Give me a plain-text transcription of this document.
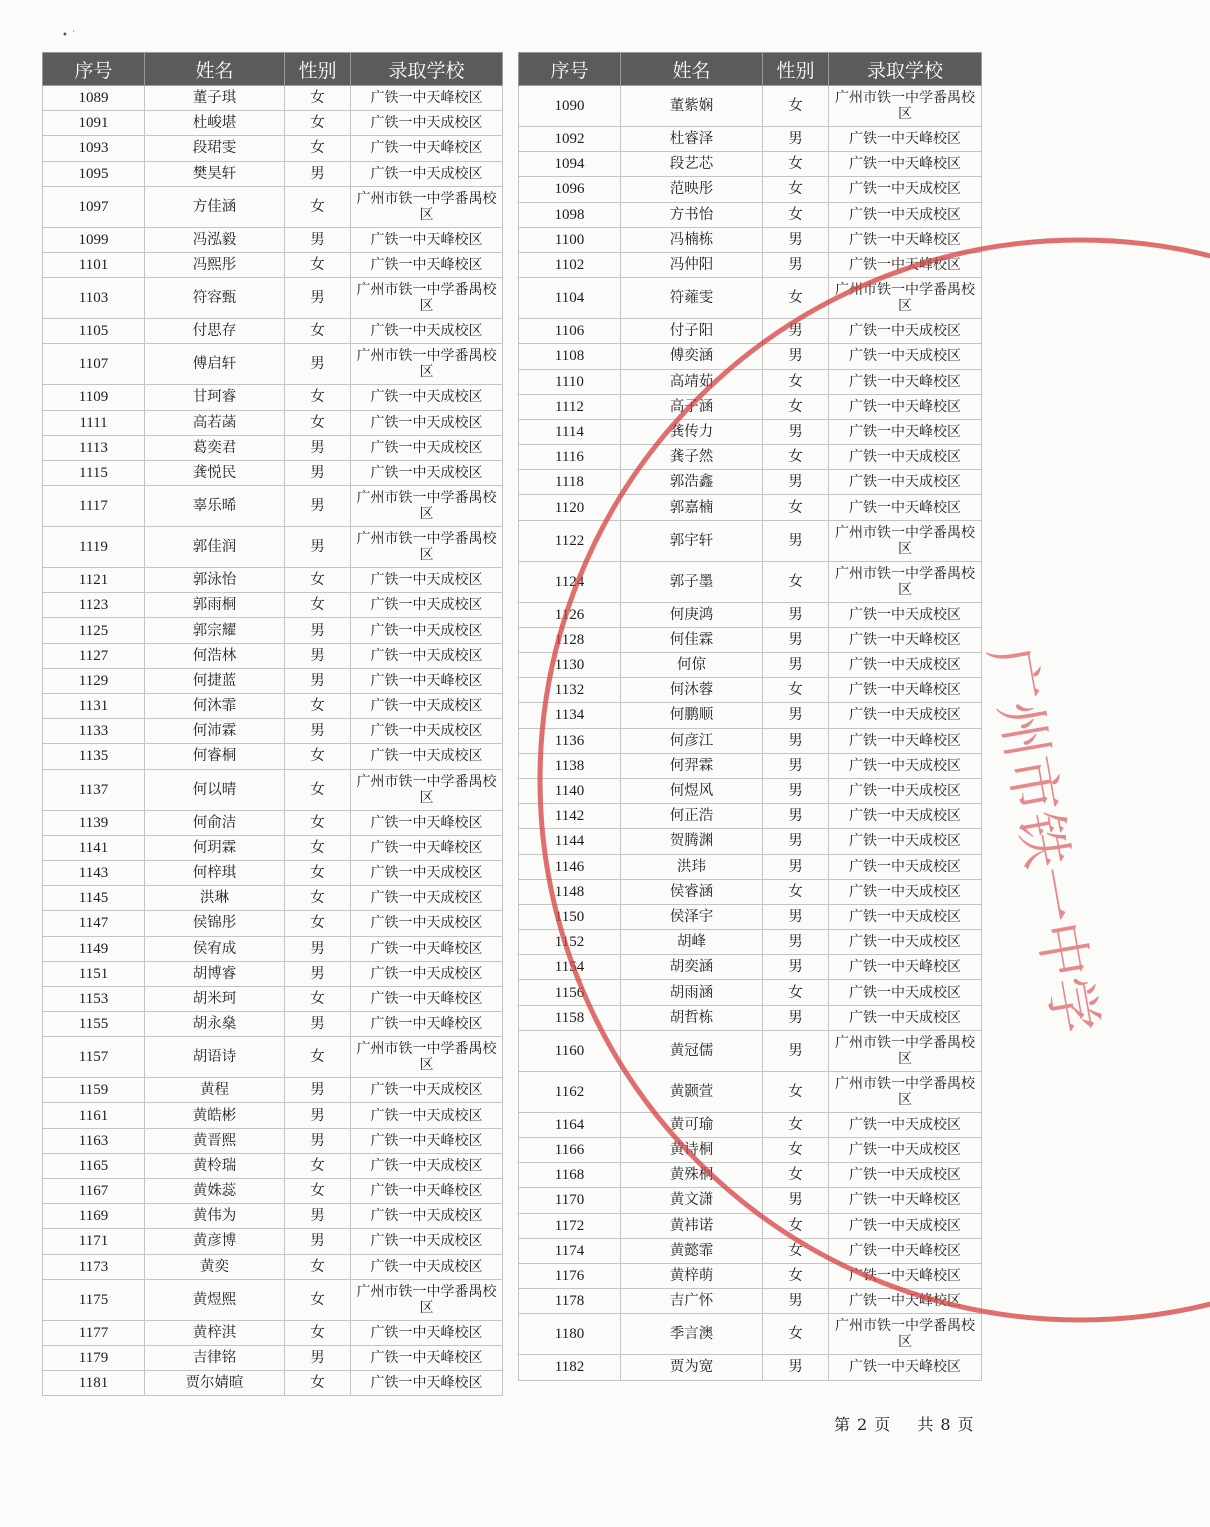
• ˙
序号	姓名	性别	录取学校
1089	董子琪	女	广铁一中天峰校区
1091	杜峻堪	女	广铁一中天成校区
1093	段珺雯	女	广铁一中天峰校区
1095	樊昊轩	男	广铁一中天成校区
1097	方佳涵	女	广州市铁一中学番禺校区
1099	冯泓毅	男	广铁一中天峰校区
1101	冯熙彤	女	广铁一中天峰校区
1103	符容甄	男	广州市铁一中学番禺校区
1105	付思存	女	广铁一中天成校区
1107	傅启轩	男	广州市铁一中学番禺校区
1109	甘珂睿	女	广铁一中天成校区
1111	高若菡	女	广铁一中天成校区
1113	葛奕君	男	广铁一中天成校区
1115	龚悦民	男	广铁一中天成校区
1117	辜乐晞	男	广州市铁一中学番禺校区
1119	郭佳润	男	广州市铁一中学番禺校区
1121	郭泳怡	女	广铁一中天成校区
1123	郭雨桐	女	广铁一中天成校区
1125	郭宗耀	男	广铁一中天成校区
1127	何浩林	男	广铁一中天成校区
1129	何捷蓝	男	广铁一中天峰校区
1131	何沐霏	女	广铁一中天成校区
1133	何沛霖	男	广铁一中天成校区
1135	何睿桐	女	广铁一中天成校区
1137	何以晴	女	广州市铁一中学番禺校区
1139	何俞洁	女	广铁一中天峰校区
1141	何玥霖	女	广铁一中天峰校区
1143	何梓琪	女	广铁一中天成校区
1145	洪琳	女	广铁一中天成校区
1147	侯锦彤	女	广铁一中天成校区
1149	侯宥成	男	广铁一中天峰校区
1151	胡博睿	男	广铁一中天成校区
1153	胡米珂	女	广铁一中天峰校区
1155	胡永燊	男	广铁一中天峰校区
1157	胡语诗	女	广州市铁一中学番禺校区
1159	黄程	男	广铁一中天成校区
1161	黄皓彬	男	广铁一中天成校区
1163	黄晋熙	男	广铁一中天峰校区
1165	黄柃瑞	女	广铁一中天成校区
1167	黄姝蕊	女	广铁一中天峰校区
1169	黄伟为	男	广铁一中天成校区
1171	黄彦博	男	广铁一中天成校区
1173	黄奕	女	广铁一中天成校区
1175	黄煜熙	女	广州市铁一中学番禺校区
1177	黄梓淇	女	广铁一中天峰校区
1179	吉律铭	男	广铁一中天峰校区
1181	贾尔婧暄	女	广铁一中天峰校区
序号	姓名	性别	录取学校
1090	董紫娴	女	广州市铁一中学番禺校区
1092	杜睿泽	男	广铁一中天峰校区
1094	段艺芯	女	广铁一中天峰校区
1096	范映彤	女	广铁一中天成校区
1098	方书怡	女	广铁一中天成校区
1100	冯楠栋	男	广铁一中天峰校区
1102	冯仲阳	男	广铁一中天峰校区
1104	符蕹雯	女	广州市铁一中学番禺校区
1106	付子阳	男	广铁一中天成校区
1108	傅奕涵	男	广铁一中天成校区
1110	高靖茹	女	广铁一中天峰校区
1112	高子涵	女	广铁一中天峰校区
1114	龚传力	男	广铁一中天峰校区
1116	龚子然	女	广铁一中天成校区
1118	郭浩鑫	男	广铁一中天成校区
1120	郭嘉楠	女	广铁一中天峰校区
1122	郭宇轩	男	广州市铁一中学番禺校区
1124	郭子墨	女	广州市铁一中学番禺校区
1126	何庚鸿	男	广铁一中天成校区
1128	何佳霖	男	广铁一中天峰校区
1130	何倞	男	广铁一中天成校区
1132	何沐蓉	女	广铁一中天峰校区
1134	何鹏顺	男	广铁一中天成校区
1136	何彦江	男	广铁一中天峰校区
1138	何羿霖	男	广铁一中天成校区
1140	何煜风	男	广铁一中天成校区
1142	何正浩	男	广铁一中天成校区
1144	贺腾渊	男	广铁一中天成校区
1146	洪玮	男	广铁一中天成校区
1148	侯睿涵	女	广铁一中天成校区
1150	侯泽宇	男	广铁一中天成校区
1152	胡峰	男	广铁一中天成校区
1154	胡奕涵	男	广铁一中天峰校区
1156	胡雨涵	女	广铁一中天成校区
1158	胡哲栋	男	广铁一中天成校区
1160	黄冠儒	男	广州市铁一中学番禺校区
1162	黄颢萱	女	广州市铁一中学番禺校区
1164	黄可瑜	女	广铁一中天成校区
1166	黄诗桐	女	广铁一中天成校区
1168	黄殊桐	女	广铁一中天成校区
1170	黄文潇	男	广铁一中天峰校区
1172	黄袆诺	女	广铁一中天成校区
1174	黄懿霏	女	广铁一中天峰校区
1176	黄梓萌	女	广铁一中天峰校区
1178	吉广怀	男	广铁一中天峰校区
1180	季言澳	女	广州市铁一中学番禺校区
1182	贾为宽	男	广铁一中天峰校区
第 2 页 共 8 页
广州市铁一中学
